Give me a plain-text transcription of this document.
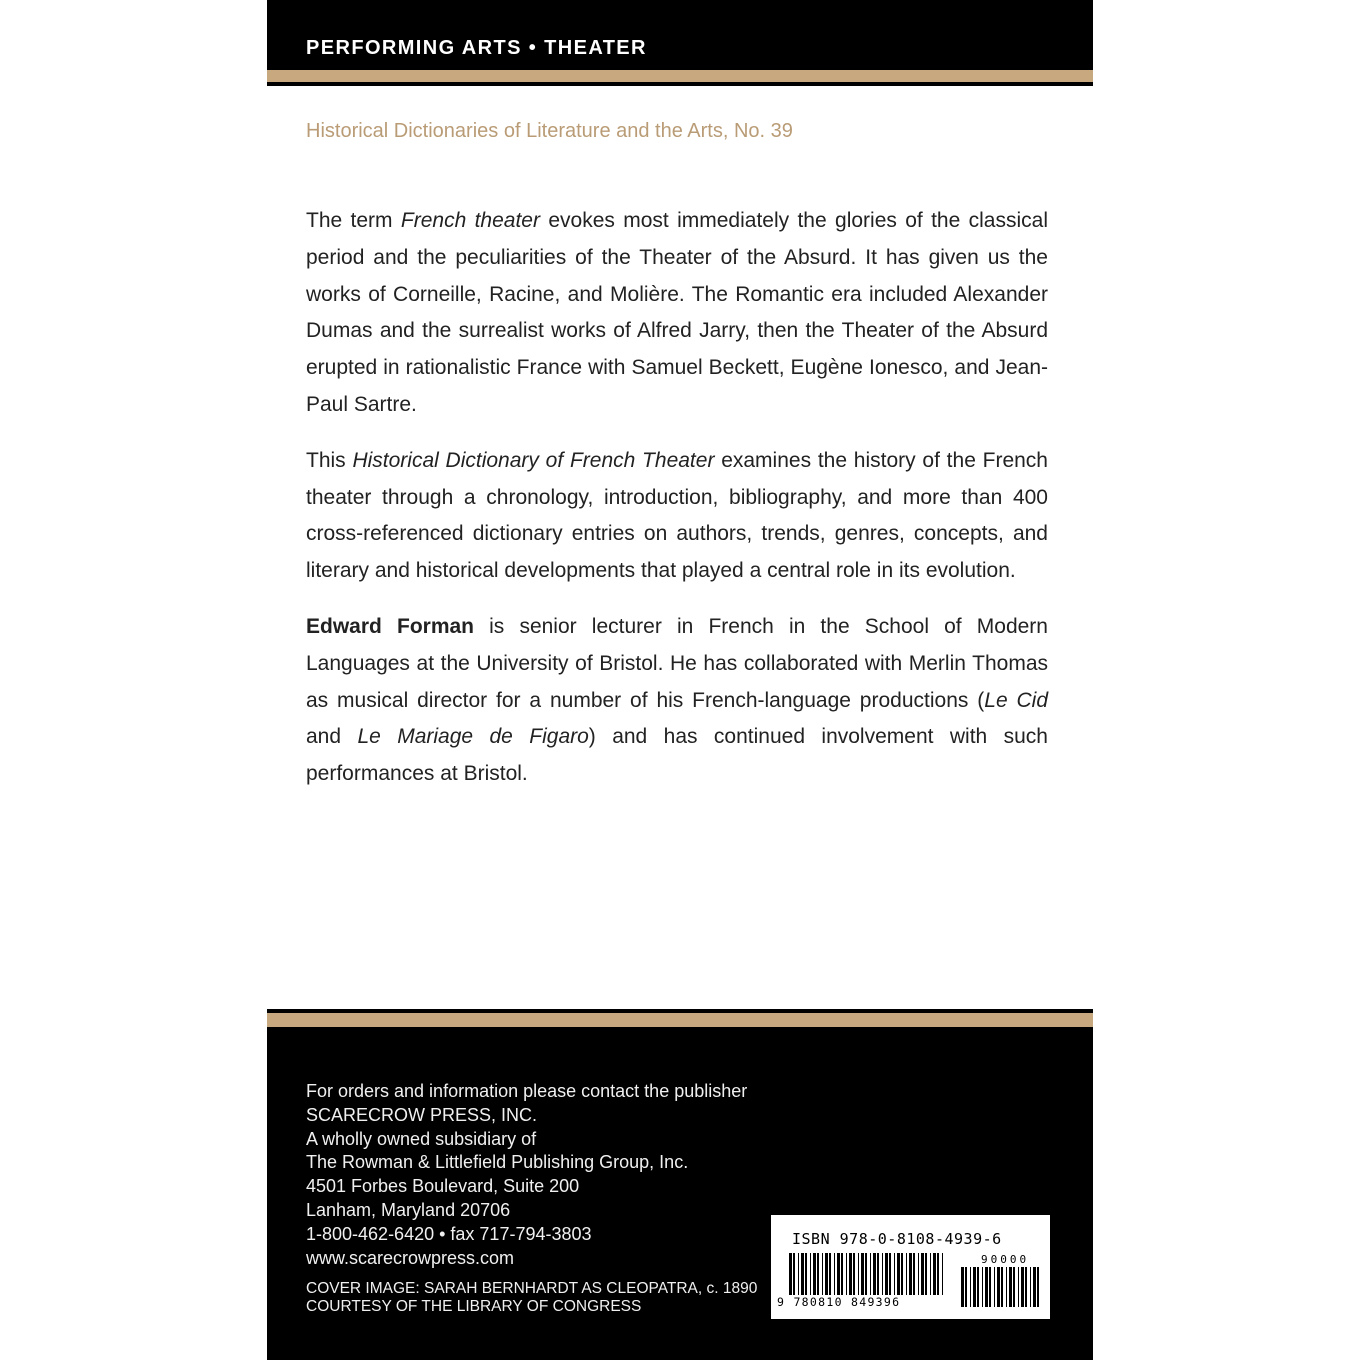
PERFORMING ARTS • THEATER
Historical Dictionaries of Literature and the Arts, No. 39

The term French theater evokes most immediately the glories of the classical period and the peculiarities of the Theater of the Absurd. It has given us the works of Corneille, Racine, and Molière. The Romantic era included Alexander Dumas and the surrealist works of Alfred Jarry, then the Theater of the Absurd erupted in rationalistic France with Samuel Beckett, Eugène Ionesco, and Jean-Paul Sartre.

This Historical Dictionary of French Theater examines the history of the French theater through a chronology, introduction, bibliography, and more than 400 cross-referenced dictionary entries on authors, trends, genres, concepts, and literary and historical developments that played a central role in its evolution.

Edward Forman is senior lecturer in French in the School of Modern Languages at the University of Bristol. He has collaborated with Merlin Thomas as musical director for a number of his French-language productions (Le Cid and Le Mariage de Figaro) and has continued involvement with such performances at Bristol.

For orders and information please contact the publisher
SCARECROW PRESS, INC.
A wholly owned subsidiary of
The Rowman & Littlefield Publishing Group, Inc.
4501 Forbes Boulevard, Suite 200
Lanham, Maryland 20706
1-800-462-6420 • fax 717-794-3803
www.scarecrowpress.com
COVER IMAGE: SARAH BERNHARDT AS CLEOPATRA, c. 1890
COURTESY OF THE LIBRARY OF CONGRESS
ISBN 978-0-8108-4939-6
90000
9 780810 849396
